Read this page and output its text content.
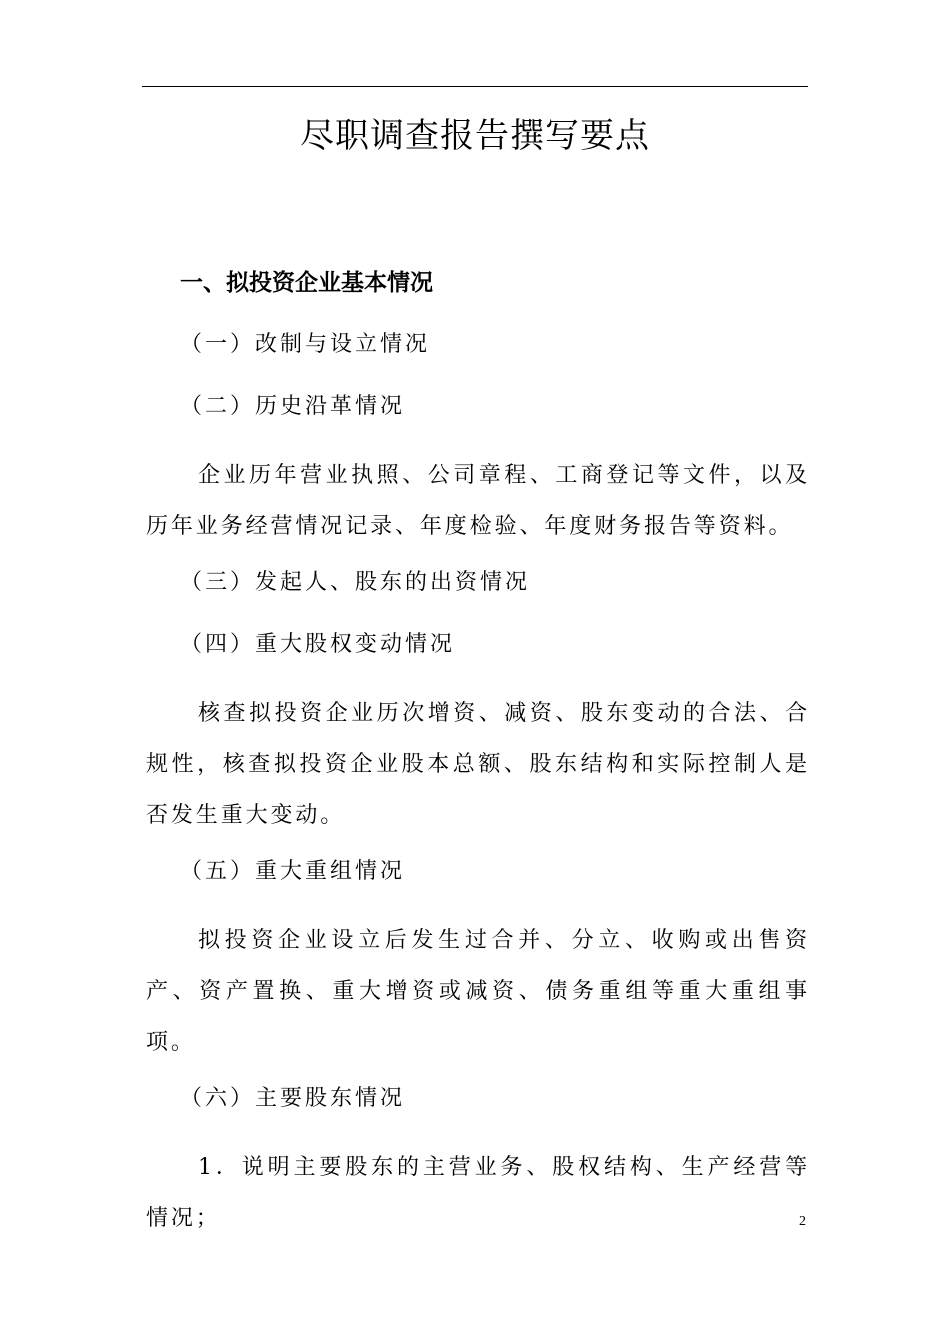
尽职调查报告撰写要点
一、拟投资企业基本情况
（一）改制与设立情况
（二）历史沿革情况
企业历年营业执照、公司章程、工商登记等文件，以及历年业务经营情况记录、年度检验、年度财务报告等资料。
（三）发起人、股东的出资情况
（四）重大股权变动情况
核查拟投资企业历次增资、减资、股东变动的合法、合规性，核查拟投资企业股本总额、股东结构和实际控制人是否发生重大变动。
（五）重大重组情况
拟投资企业设立后发生过合并、分立、收购或出售资产、资产置换、重大增资或减资、债务重组等重大重组事项。
（六）主要股东情况
1．说明主要股东的主营业务、股权结构、生产经营等情况；	2
